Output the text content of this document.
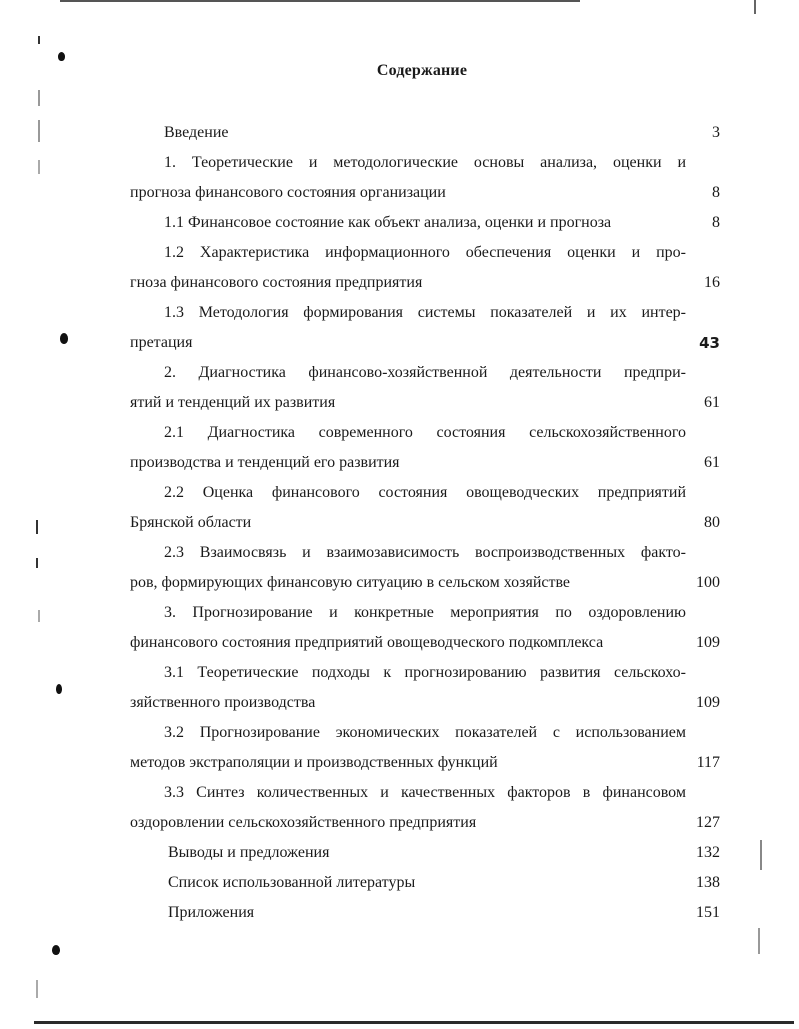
Содержание
Введение	3
1. Теоретические и методологические основы анализа, оценки и
прогноза финансового состояния организации	8
1.1 Финансовое состояние как объект анализа, оценки и прогноза	8
1.2 Характеристика информационного обеспечения оценки и про-
гноза финансового состояния предприятия	16
1.3 Методология формирования системы показателей и их интер-
претация	43
2. Диагностика финансово-хозяйственной деятельности предпри-
ятий и тенденций их развития	61
2.1 Диагностика современного состояния сельскохозяйственного
производства и тенденций его развития	61
2.2 Оценка финансового состояния овощеводческих предприятий
Брянской области	80
2.3 Взаимосвязь и взаимозависимость воспроизводственных факто-
ров, формирующих финансовую ситуацию в сельском хозяйстве	100
3. Прогнозирование и конкретные мероприятия по оздоровлению
финансового состояния предприятий овощеводческого подкомплекса	109
3.1 Теоретические подходы к прогнозированию развития сельскохо-
зяйственного производства	109
3.2 Прогнозирование экономических показателей с использованием
методов экстраполяции и производственных функций	117
3.3 Синтез количественных и качественных факторов в финансовом
оздоровлении сельскохозяйственного предприятия	127
Выводы и предложения	132
Список использованной литературы	138
Приложения	151
